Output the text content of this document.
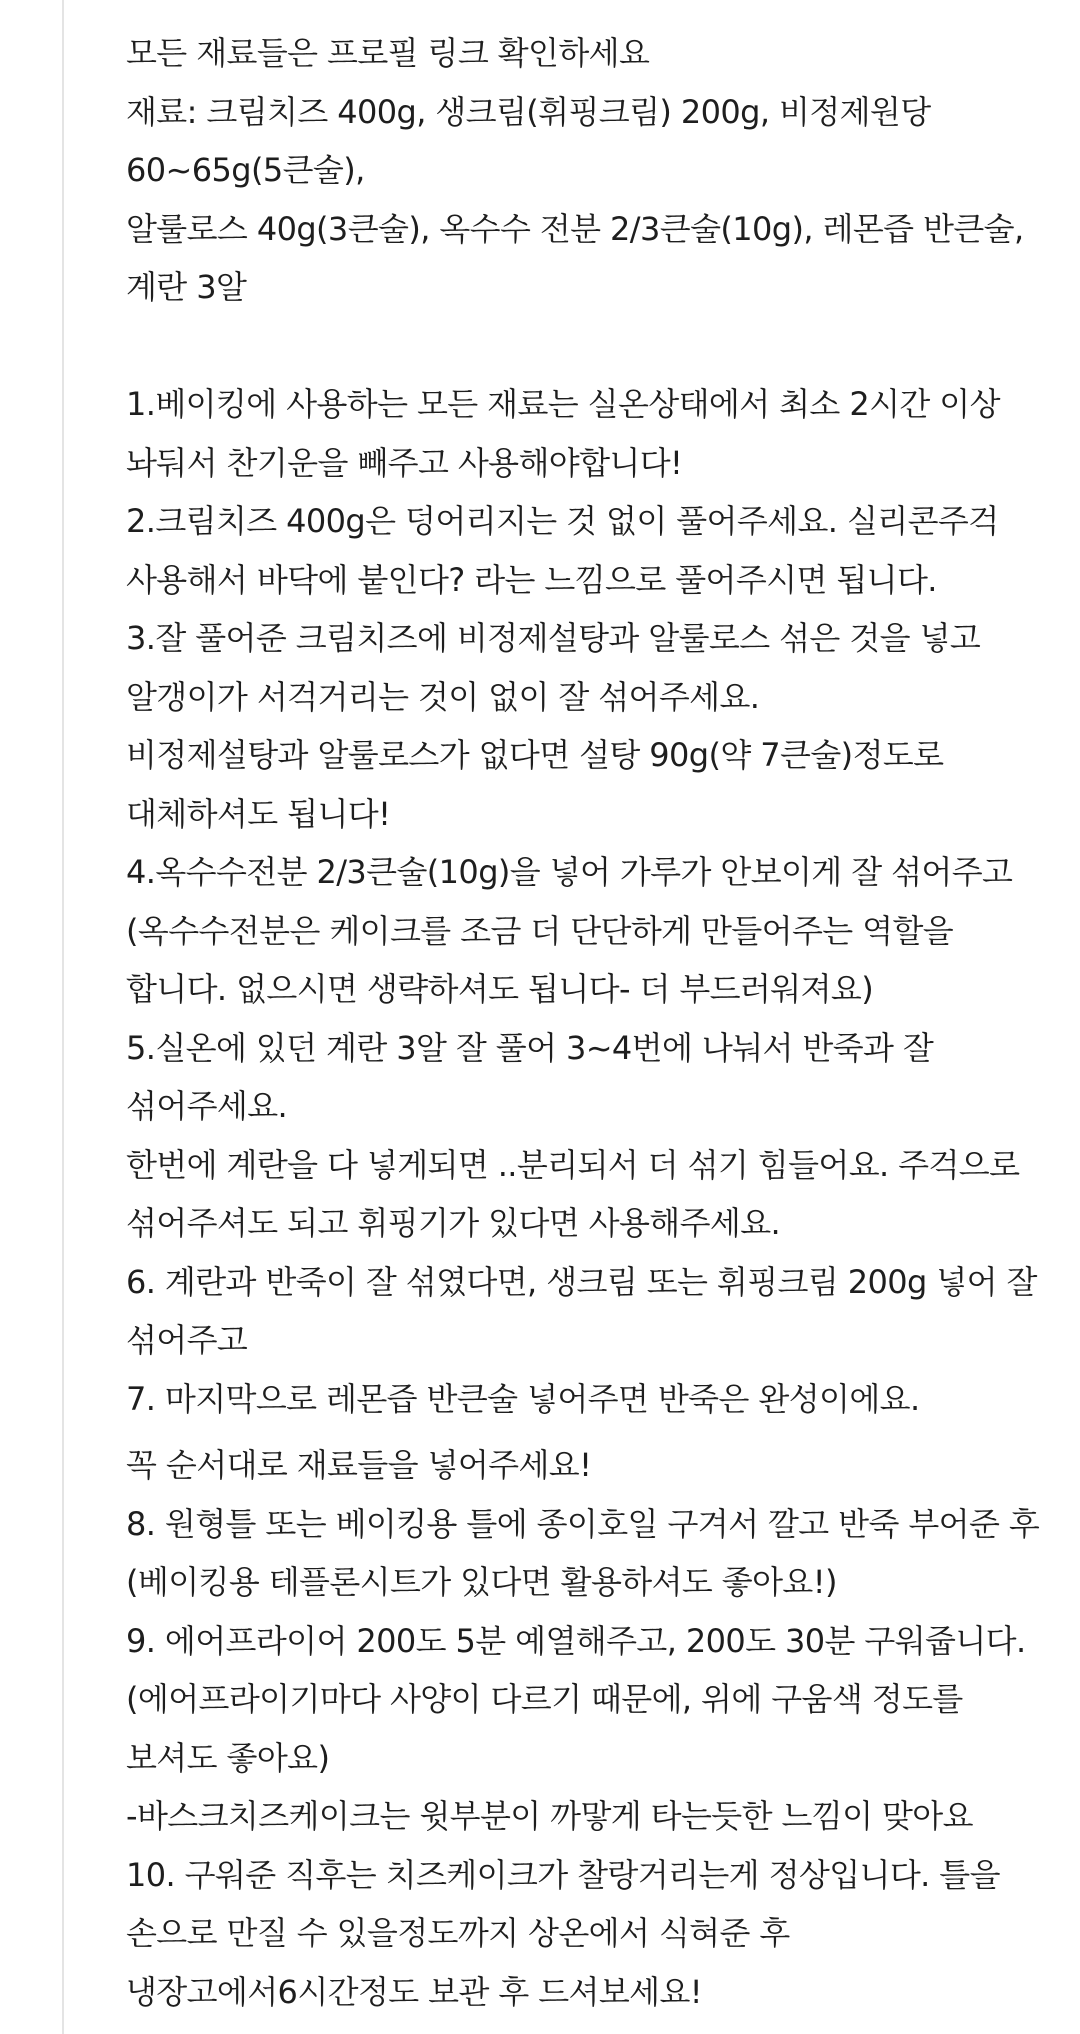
모든 재료들은 프로필 링크 확인하세요
재료: 크림치즈 400g, 생크림(휘핑크림) 200g, 비정제원당
60~65g(5큰술),
알룰로스 40g(3큰술), 옥수수 전분 2/3큰술(10g), 레몬즙 반큰술,
계란 3알
1.베이킹에 사용하는 모든 재료는 실온상태에서 최소 2시간 이상
놔둬서 찬기운을 빼주고 사용해야합니다!
2.크림치즈 400g은 덩어리지는 것 없이 풀어주세요. 실리콘주걱
사용해서 바닥에 붙인다? 라는 느낌으로 풀어주시면 됩니다.
3.잘 풀어준 크림치즈에 비정제설탕과 알룰로스 섞은 것을 넣고
알갱이가 서걱거리는 것이 없이 잘 섞어주세요.
비정제설탕과 알룰로스가 없다면 설탕 90g(약 7큰술)정도로
대체하셔도 됩니다!
4.옥수수전분 2/3큰술(10g)을 넣어 가루가 안보이게 잘 섞어주고
(옥수수전분은 케이크를 조금 더 단단하게 만들어주는 역할을
합니다. 없으시면 생략하셔도 됩니다- 더 부드러워져요)
5.실온에 있던 계란 3알 잘 풀어 3~4번에 나눠서 반죽과 잘
섞어주세요.
한번에 계란을 다 넣게되면 ..분리되서 더 섞기 힘들어요. 주걱으로
섞어주셔도 되고 휘핑기가 있다면 사용해주세요.
6. 계란과 반죽이 잘 섞였다면, 생크림 또는 휘핑크림 200g 넣어 잘
섞어주고
7. 마지막으로 레몬즙 반큰술 넣어주면 반죽은 완성이에요.
꼭 순서대로 재료들을 넣어주세요!
8. 원형틀 또는 베이킹용 틀에 종이호일 구겨서 깔고 반죽 부어준 후
(베이킹용 테플론시트가 있다면 활용하셔도 좋아요!)
9. 에어프라이어 200도 5분 예열해주고, 200도 30분 구워줍니다.
(에어프라이기마다 사양이 다르기 때문에, 위에 구움색 정도를
보셔도 좋아요)
-바스크치즈케이크는 윗부분이 까맣게 타는듯한 느낌이 맞아요
10. 구워준 직후는 치즈케이크가 찰랑거리는게 정상입니다. 틀을
손으로 만질 수 있을정도까지 상온에서 식혀준 후
냉장고에서6시간정도 보관 후 드셔보세요!
